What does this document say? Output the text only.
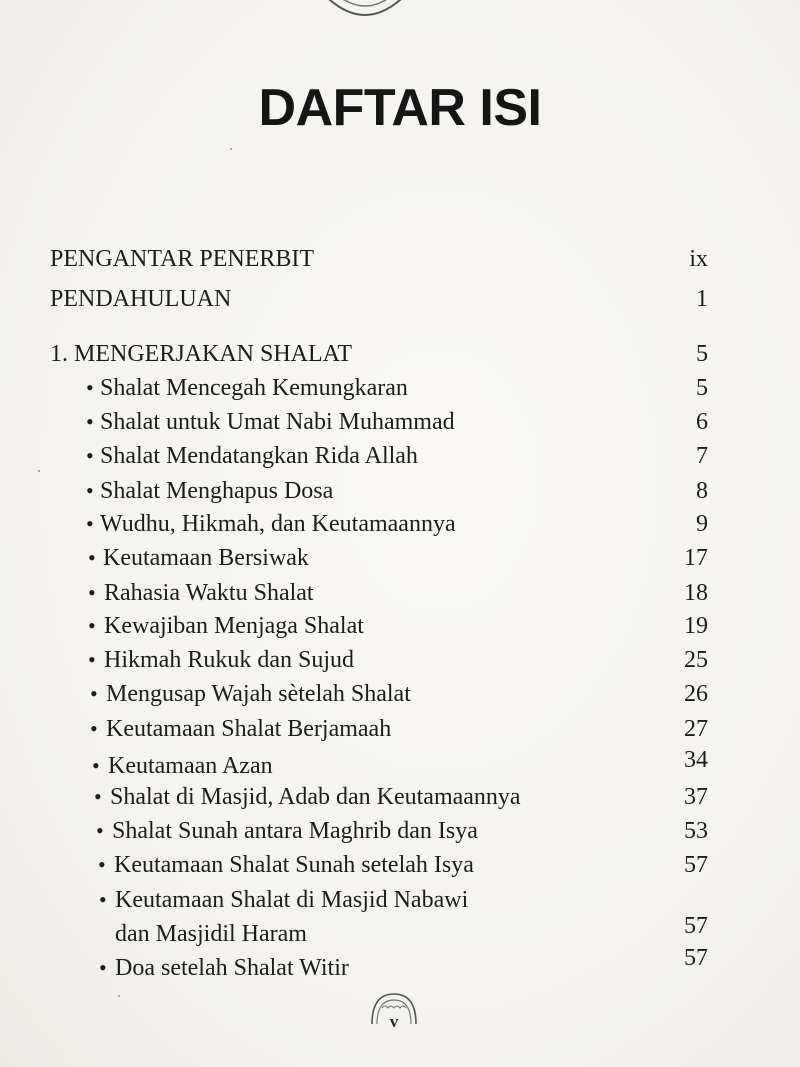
DAFTAR ISI
PENGANTAR PENERBIT	ix
PENDAHULUAN	1
1. MENGERJAKAN SHALAT	5
• Shalat Mencegah Kemungkaran	5
• Shalat untuk Umat Nabi Muhammad	6
• Shalat Mendatangkan Rida Allah	7
• Shalat Menghapus Dosa	8
• Wudhu, Hikmah, dan Keutamaannya	9
• Keutamaan Bersiwak	17
• Rahasia Waktu Shalat	18
• Kewajiban Menjaga Shalat	19
• Hikmah Rukuk dan Sujud	25
• Mengusap Wajah sètelah Shalat	26
• Keutamaan Shalat Berjamaah	27
• Keutamaan Azan	34
• Shalat di Masjid, Adab dan Keutamaannya	37
• Shalat Sunah antara Maghrib dan Isya	53
• Keutamaan Shalat Sunah setelah Isya	57
• Keutamaan Shalat di Masjid Nabawi
dan Masjidil Haram	57
• Doa setelah Shalat Witir	57
v
